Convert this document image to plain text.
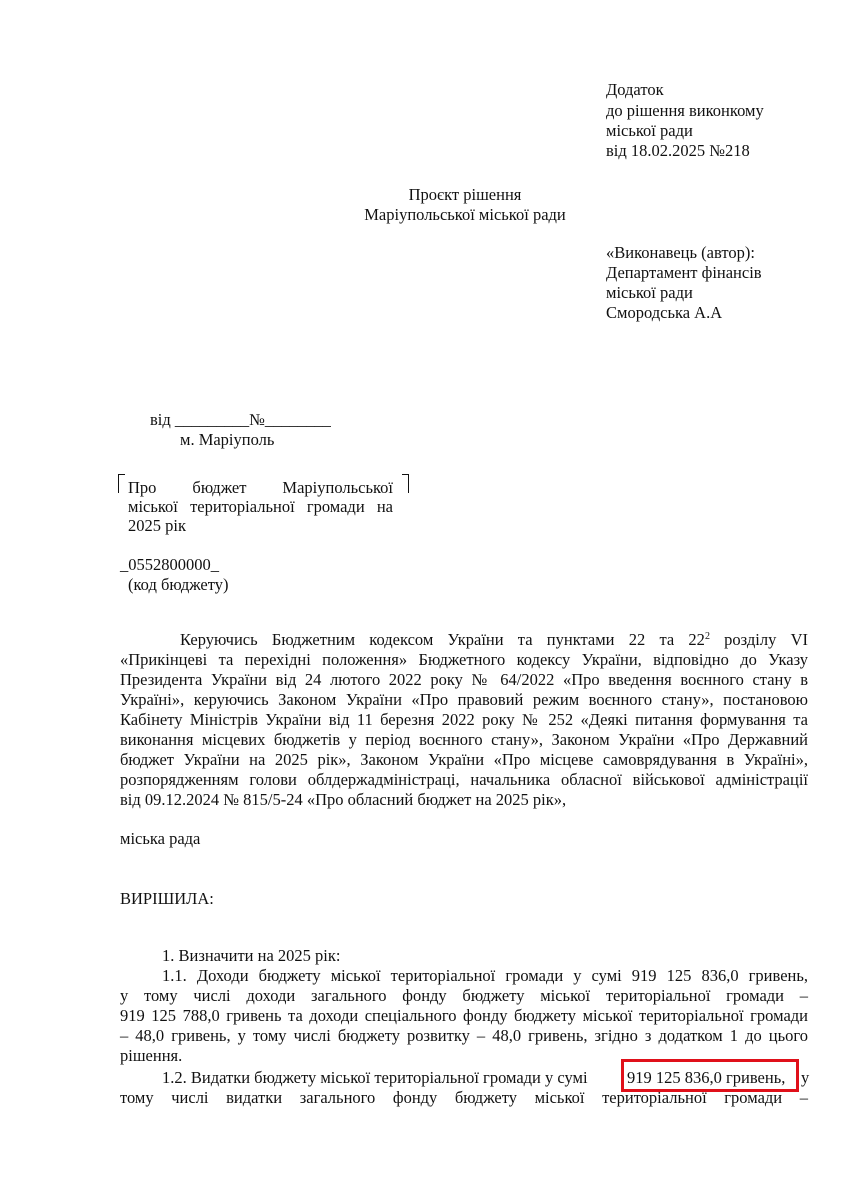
Додаток
до рішення виконкому
міської ради
від 18.02.2025 №218
Проєкт рішення
Маріупольської міської ради
«Виконавець (автор):
Департамент фінансів
міської ради
Смородська А.А
від _________№________
м. Маріуполь
Про бюджет Маріупольської
міської територіальної громади на
2025 рік
_0552800000_
(код бюджету)
Керуючись Бюджетним кодексом України та пунктами 22 та $22^2$ розділу VI
«Прикінцеві та перехідні положення» Бюджетного кодексу України, відповідно до Указу
Президента України від 24 лютого 2022 року № 64/2022 «Про введення воєнного стану в
Україні», керуючись Законом України «Про правовий режим воєнного стану», постановою
Кабінету Міністрів України від 11 березня 2022 року № 252 «Деякі питання формування та
виконання місцевих бюджетів у період воєнного стану», Законом України «Про Державний
бюджет України на 2025 рік», Законом України «Про місцеве самоврядування в Україні»,
розпорядженням голови облдержадміністраці, начальника обласної військової адміністрації
від 09.12.2024 № 815/5-24 «Про обласний бюджет на 2025 рік»,
міська рада
ВИРІШИЛА:
1. Визначити на 2025 рік:
1.1. Доходи бюджету міської територіальної громади у сумі 919 125 836,0 гривень,
у тому числі доходи загального фонду бюджету міської територіальної громади –
919 125 788,0 гривень та доходи спеціального фонду бюджету міської територіальної громади
– 48,0 гривень, у тому числі бюджету розвитку – 48,0 гривень, згідно з додатком 1 до цього
рішення.
1.2. Видатки бюджету міської територіальної громади у сумі 919 125 836,0 гривень, у
тому числі видатки загального фонду бюджету міської територіальної громади –
